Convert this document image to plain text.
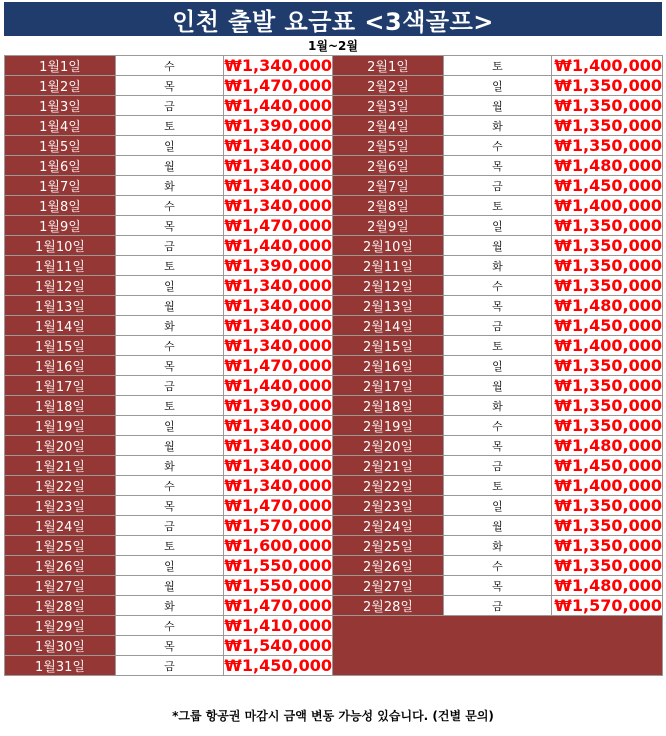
인천 출발 요금표 <3색골프>
1월~2월
1월1일	수	₩1,340,000	2월1일	토	₩1,400,000
1월2일	목	₩1,470,000	2월2일	일	₩1,350,000
1월3일	금	₩1,440,000	2월3일	월	₩1,350,000
1월4일	토	₩1,390,000	2월4일	화	₩1,350,000
1월5일	일	₩1,340,000	2월5일	수	₩1,350,000
1월6일	월	₩1,340,000	2월6일	목	₩1,480,000
1월7일	화	₩1,340,000	2월7일	금	₩1,450,000
1월8일	수	₩1,340,000	2월8일	토	₩1,400,000
1월9일	목	₩1,470,000	2월9일	일	₩1,350,000
1월10일	금	₩1,440,000	2월10일	월	₩1,350,000
1월11일	토	₩1,390,000	2월11일	화	₩1,350,000
1월12일	일	₩1,340,000	2월12일	수	₩1,350,000
1월13일	월	₩1,340,000	2월13일	목	₩1,480,000
1월14일	화	₩1,340,000	2월14일	금	₩1,450,000
1월15일	수	₩1,340,000	2월15일	토	₩1,400,000
1월16일	목	₩1,470,000	2월16일	일	₩1,350,000
1월17일	금	₩1,440,000	2월17일	월	₩1,350,000
1월18일	토	₩1,390,000	2월18일	화	₩1,350,000
1월19일	일	₩1,340,000	2월19일	수	₩1,350,000
1월20일	월	₩1,340,000	2월20일	목	₩1,480,000
1월21일	화	₩1,340,000	2월21일	금	₩1,450,000
1월22일	수	₩1,340,000	2월22일	토	₩1,400,000
1월23일	목	₩1,470,000	2월23일	일	₩1,350,000
1월24일	금	₩1,570,000	2월24일	월	₩1,350,000
1월25일	토	₩1,600,000	2월25일	화	₩1,350,000
1월26일	일	₩1,550,000	2월26일	수	₩1,350,000
1월27일	월	₩1,550,000	2월27일	목	₩1,480,000
1월28일	화	₩1,470,000	2월28일	금	₩1,570,000
1월29일	수	₩1,410,000			
1월30일	목	₩1,540,000			
1월31일	금	₩1,450,000			
*그룹 항공권 마감시 금액 변동 가능성 있습니다. (건별 문의)
